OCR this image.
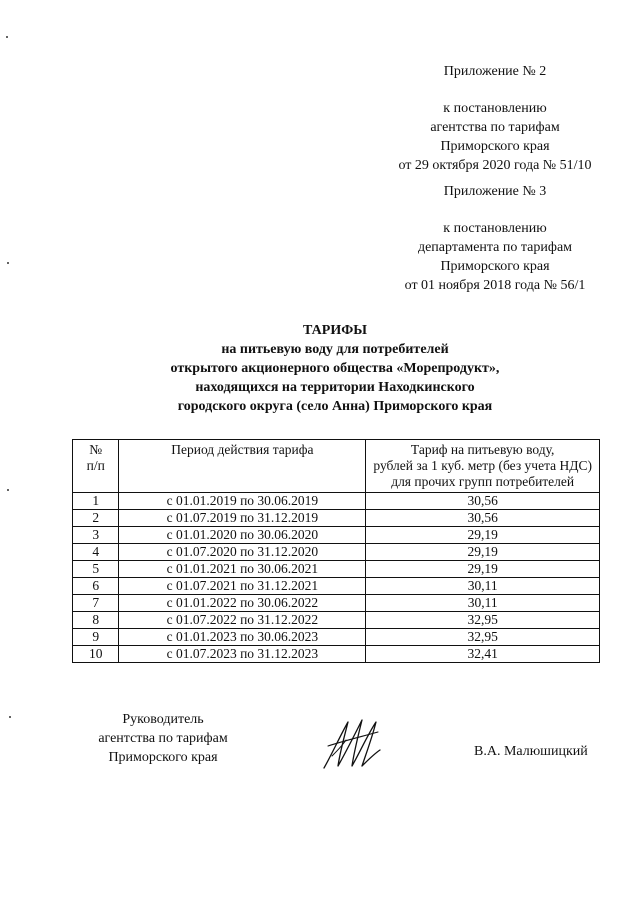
Приложение № 2
к постановлению
агентства по тарифам
Приморского края
от 29 октября 2020 года № 51/10
Приложение № 3
к постановлению
департамента по тарифам
Приморского края
от 01 ноября 2018 года № 56/1
ТАРИФЫ
на питьевую воду для потребителей
открытого акционерного общества «Морепродукт»,
находящихся на территории Находкинского
городского округа (село Анна) Приморского края
№
п/п	Период действия тарифа	Тариф на питьевую воду,
рублей за 1 куб. метр (без учета НДС)
для прочих групп потребителей

1	с 01.01.2019 по 30.06.2019	30,56
2	с 01.07.2019 по 31.12.2019	30,56
3	с 01.01.2020 по 30.06.2020	29,19
4	с 01.07.2020 по 31.12.2020	29,19
5	с 01.01.2021 по 30.06.2021	29,19
6	с 01.07.2021 по 31.12.2021	30,11
7	с 01.01.2022 по 30.06.2022	30,11
8	с 01.07.2022 по 31.12.2022	32,95
9	с 01.01.2023 по 30.06.2023	32,95
10	с 01.07.2023 по 31.12.2023	32,41
Руководитель
агентства по тарифам
Приморского края	В.А. Малюшицкий
